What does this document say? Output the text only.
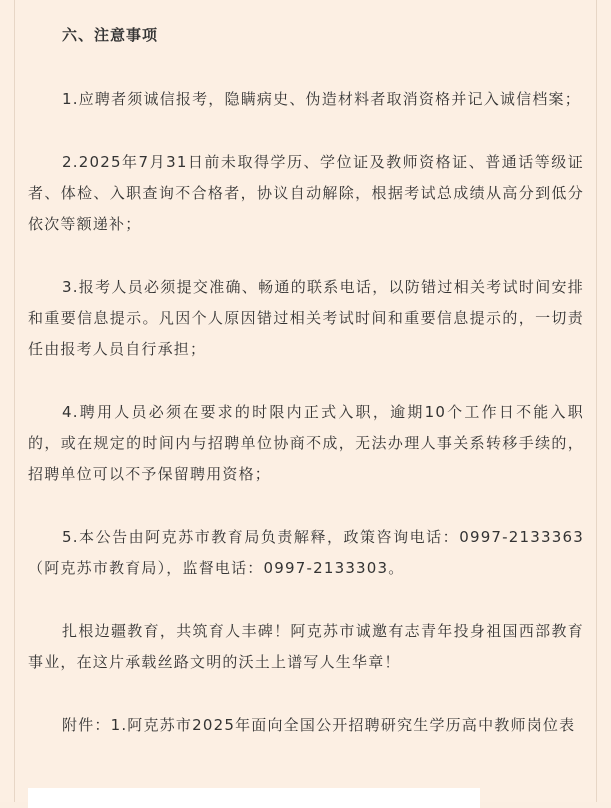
六、注意事项

1.应聘者须诚信报考，隐瞒病史、伪造材料者取消资格并记入诚信档案；

2.2025年7月31日前未取得学历、学位证及教师资格证、普通话等级证者、体检、入职查询不合格者，协议自动解除，根据考试总成绩从高分到低分依次等额递补；

3.报考人员必须提交准确、畅通的联系电话，以防错过相关考试时间安排和重要信息提示。凡因个人原因错过相关考试时间和重要信息提示的，一切责任由报考人员自行承担；

4.聘用人员必须在要求的时限内正式入职，逾期10个工作日不能入职的，或在规定的时间内与招聘单位协商不成，无法办理人事关系转移手续的，招聘单位可以不予保留聘用资格；

5.本公告由阿克苏市教育局负责解释，政策咨询电话：0997-2133363（阿克苏市教育局），监督电话：0997-2133303。

扎根边疆教育，共筑育人丰碑！阿克苏市诚邀有志青年投身祖国西部教育事业，在这片承载丝路文明的沃土上谱写人生华章！

附件：1.阿克苏市2025年面向全国公开招聘研究生学历高中教师岗位表
